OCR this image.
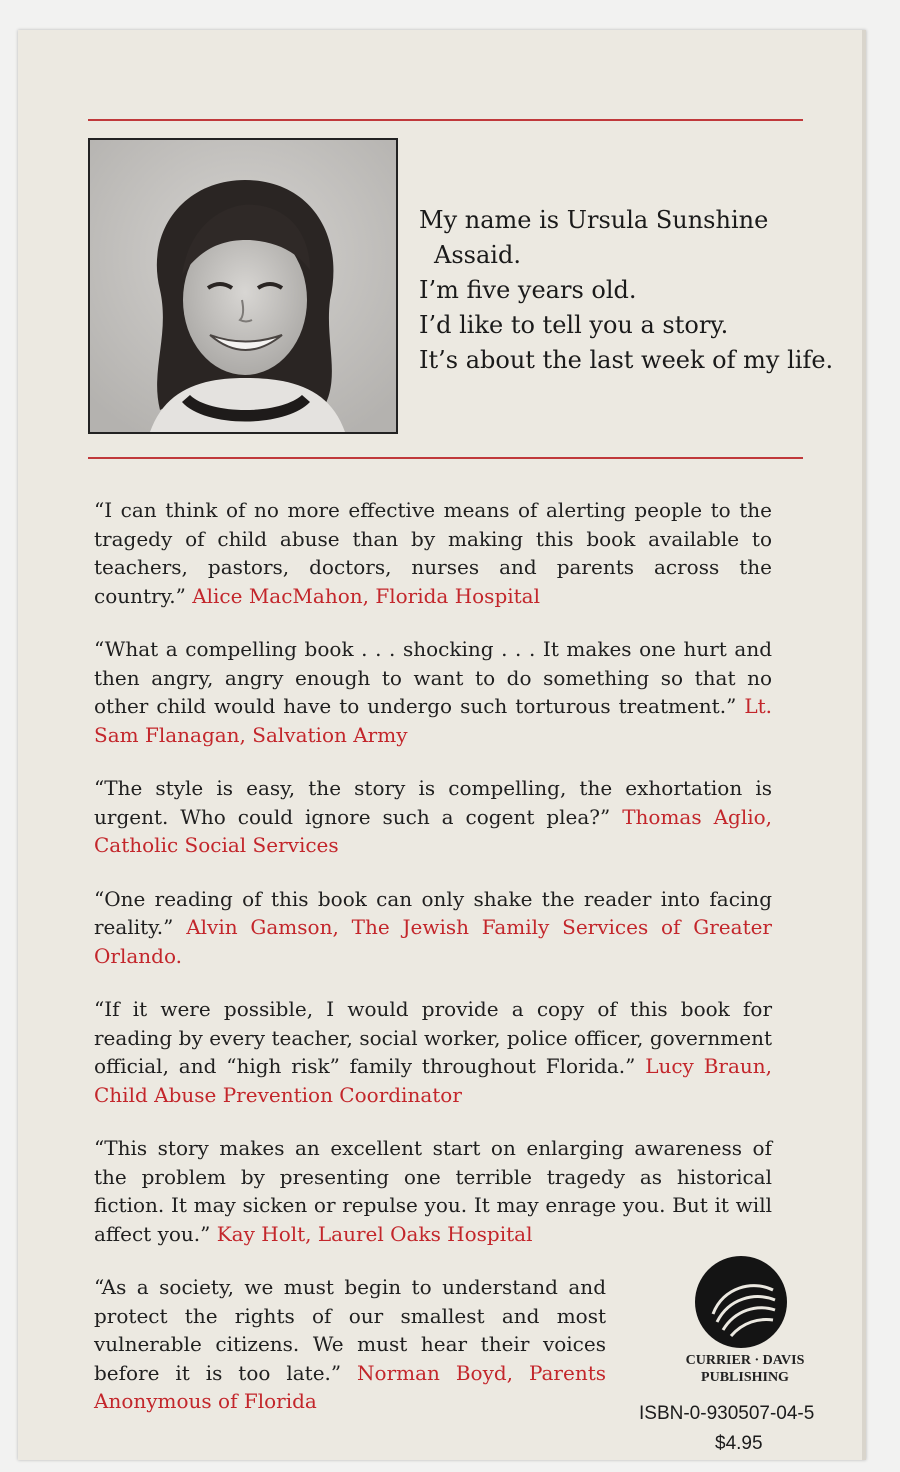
My name is Ursula Sunshine
Assaid.
I’m five years old.
I’d like to tell you a story.
It’s about the last week of my life.

“I can think of no more effective means of alerting people to the tragedy of child abuse than by making this book available to teachers, pastors, doctors, nurses and parents across the country.” Alice MacMahon, Florida Hospital

“What a compelling book . . . shocking . . . It makes one hurt and then angry, angry enough to want to do something so that no other child would have to undergo such torturous treatment.” Lt. Sam Flanagan, Salvation Army

“The style is easy, the story is compelling, the exhortation is urgent. Who could ignore such a cogent plea?” Thomas Aglio, Catholic Social Services

“One reading of this book can only shake the reader into facing reality.” Alvin Gamson, The Jewish Family Services of Greater Orlando.

“If it were possible, I would provide a copy of this book for reading by every teacher, social worker, police officer, government official, and “high risk” family throughout Florida.” Lucy Braun, Child Abuse Prevention Coordinator

“This story makes an excellent start on enlarging awareness of the problem by presenting one terrible tragedy as historical fiction. It may sicken or repulse you. It may enrage you. But it will affect you.” Kay Holt, Laurel Oaks Hospital

“As a society, we must begin to understand and protect the rights of our smallest and most vulnerable citizens. We must hear their voices before it is too late.” Norman Boyd, Parents Anonymous of Florida

CURRIER · DAVIS
PUBLISHING
ISBN-0-930507-04-5
$4.95
